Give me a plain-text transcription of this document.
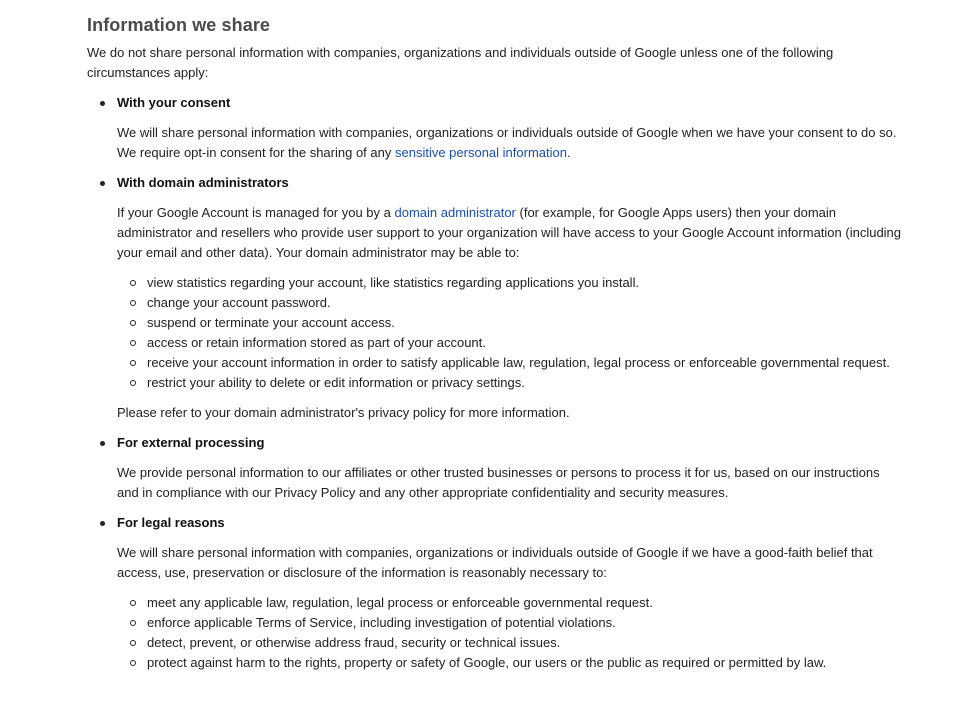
Information we share

We do not share personal information with companies, organizations and individuals outside of Google unless one of the following circumstances apply:

With your consent

We will share personal information with companies, organizations or individuals outside of Google when we have your consent to do so. We require opt-in consent for the sharing of any sensitive personal information.

With domain administrators

If your Google Account is managed for you by a domain administrator (for example, for Google Apps users) then your domain administrator and resellers who provide user support to your organization will have access to your Google Account information (including your email and other data). Your domain administrator may be able to:

view statistics regarding your account, like statistics regarding applications you install.
change your account password.
suspend or terminate your account access.
access or retain information stored as part of your account.
receive your account information in order to satisfy applicable law, regulation, legal process or enforceable governmental request.
restrict your ability to delete or edit information or privacy settings.

Please refer to your domain administrator's privacy policy for more information.

For external processing

We provide personal information to our affiliates or other trusted businesses or persons to process it for us, based on our instructions and in compliance with our Privacy Policy and any other appropriate confidentiality and security measures.

For legal reasons

We will share personal information with companies, organizations or individuals outside of Google if we have a good-faith belief that access, use, preservation or disclosure of the information is reasonably necessary to:

meet any applicable law, regulation, legal process or enforceable governmental request.
enforce applicable Terms of Service, including investigation of potential violations.
detect, prevent, or otherwise address fraud, security or technical issues.
protect against harm to the rights, property or safety of Google, our users or the public as required or permitted by law.
